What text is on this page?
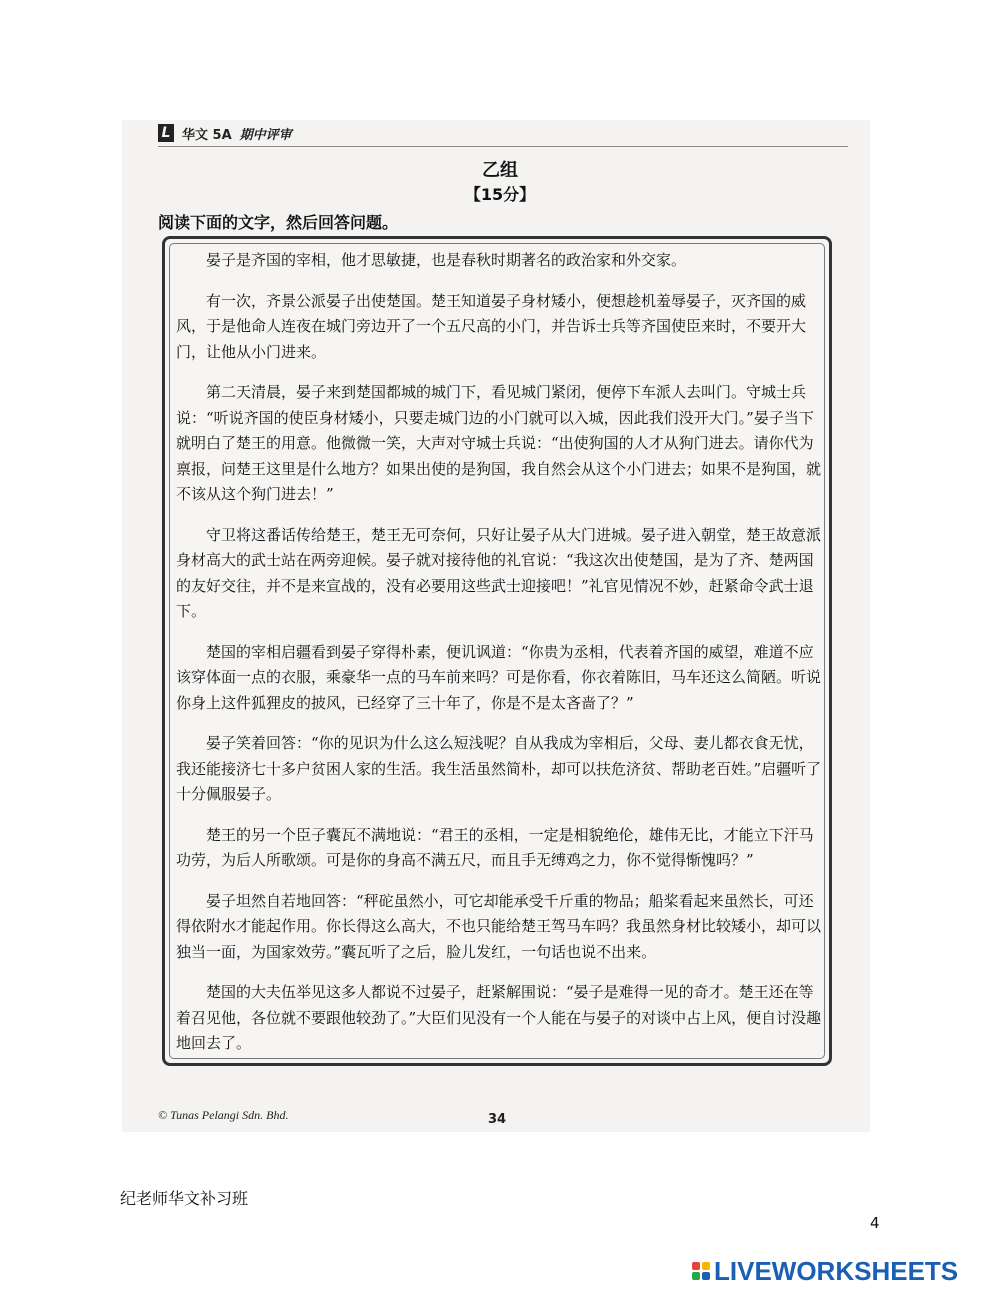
L 华文 5A 期中评审
乙组
【15分】
阅读下面的文字，然后回答问题。

晏子是齐国的宰相，他才思敏捷，也是春秋时期著名的政治家和外交家。

有一次，齐景公派晏子出使楚国。楚王知道晏子身材矮小，便想趁机羞辱晏子，灭齐国的威风，于是他命人连夜在城门旁边开了一个五尺高的小门，并告诉士兵等齐国使臣来时，不要开大门，让他从小门进来。

第二天清晨，晏子来到楚国都城的城门下，看见城门紧闭，便停下车派人去叫门。守城士兵说：“听说齐国的使臣身材矮小，只要走城门边的小门就可以入城，因此我们没开大门。”晏子当下就明白了楚王的用意。他微微一笑，大声对守城士兵说：“出使狗国的人才从狗门进去。请你代为禀报，问楚王这里是什么地方？如果出使的是狗国，我自然会从这个小门进去；如果不是狗国，就不该从这个狗门进去！”

守卫将这番话传给楚王，楚王无可奈何，只好让晏子从大门进城。晏子进入朝堂，楚王故意派身材高大的武士站在两旁迎候。晏子就对接待他的礼官说：“我这次出使楚国，是为了齐、楚两国的友好交往，并不是来宣战的，没有必要用这些武士迎接吧！”礼官见情况不妙，赶紧命令武士退下。

楚国的宰相启疆看到晏子穿得朴素，便讥讽道：“你贵为丞相，代表着齐国的威望，难道不应该穿体面一点的衣服，乘豪华一点的马车前来吗？可是你看，你衣着陈旧，马车还这么简陋。听说你身上这件狐狸皮的披风，已经穿了三十年了，你是不是太吝啬了？”

晏子笑着回答：“你的见识为什么这么短浅呢？自从我成为宰相后，父母、妻儿都衣食无忧，我还能接济七十多户贫困人家的生活。我生活虽然简朴，却可以扶危济贫、帮助老百姓。”启疆听了十分佩服晏子。

楚王的另一个臣子囊瓦不满地说：“君王的丞相，一定是相貌绝伦，雄伟无比，才能立下汗马功劳，为后人所歌颂。可是你的身高不满五尺，而且手无缚鸡之力，你不觉得惭愧吗？”

晏子坦然自若地回答：“秤砣虽然小，可它却能承受千斤重的物品；船桨看起来虽然长，可还得依附水才能起作用。你长得这么高大，不也只能给楚王驾马车吗？我虽然身材比较矮小，却可以独当一面，为国家效劳。”囊瓦听了之后，脸儿发红，一句话也说不出来。

楚国的大夫伍举见这多人都说不过晏子，赶紧解围说：“晏子是难得一见的奇才。楚王还在等着召见他，各位就不要跟他较劲了。”大臣们见没有一个人能在与晏子的对谈中占上风，便自讨没趣地回去了。

© Tunas Pelangi Sdn. Bhd.	34
纪老师华文补习班
4
LIVEWORKSHEETS
